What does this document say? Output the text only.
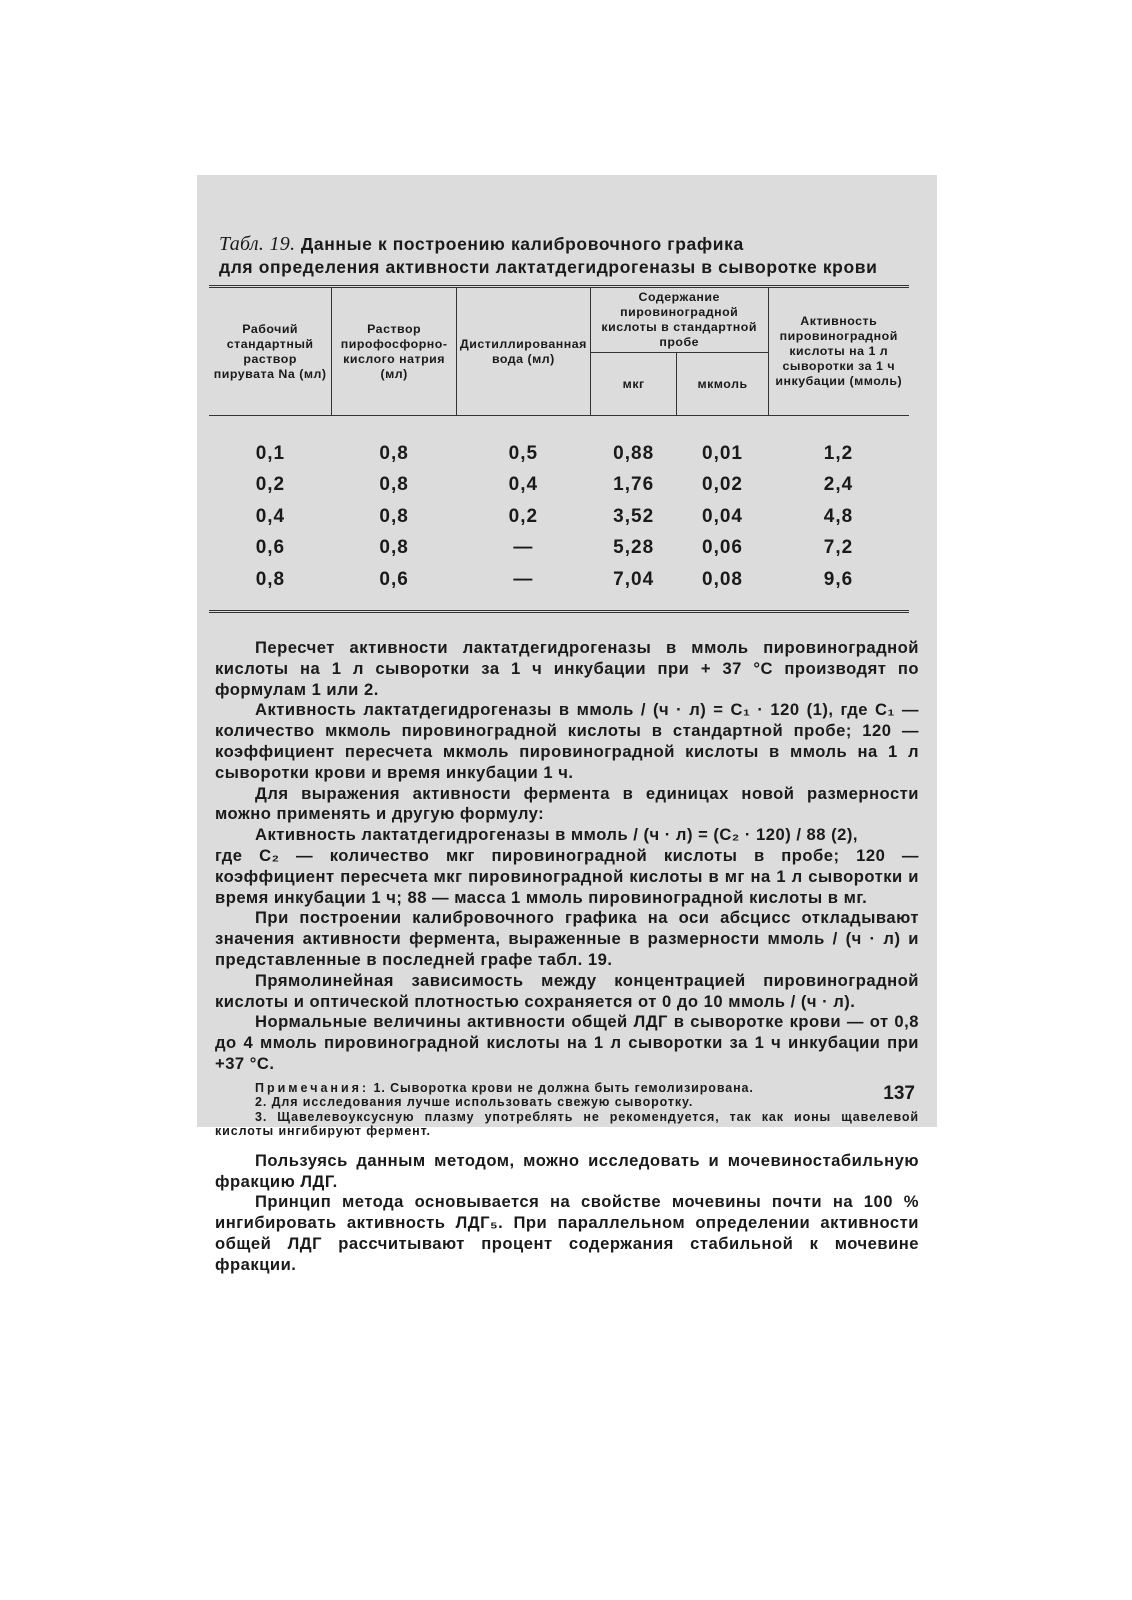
Табл. 19. Данные к построению калибровочного графика
для определения активности лактатдегидрогеназы в сыворотке крови
Рабочий стандартный раствор пирувата Na (мл)	Раствор пирофосфорно-кислого натрия (мл)	Дистиллированная вода (мл)	Содержание пировиноградной кислоты в стандартной пробе		Активность пировиноградной кислоты на 1 л сыворотки за 1 ч инкубации (ммоль)
			мкг	мкмоль	
0,1	0,8	0,5	0,88	0,01	1,2
0,2	0,8	0,4	1,76	0,02	2,4
0,4	0,8	0,2	3,52	0,04	4,8
0,6	0,8	—	5,28	0,06	7,2
0,8	0,6	—	7,04	0,08	9,6

Пересчет активности лактатдегидрогеназы в ммоль пировиноградной кислоты на 1 л сыворотки за 1 ч инкубации при + 37 °С производят по формулам 1 или 2.

Активность лактатдегидрогеназы в ммоль / (ч · л) = C₁ · 120 (1), где C₁ — количество мкмоль пировиноградной кислоты в стандартной пробе; 120 — коэффициент пересчета мкмоль пировиноградной кислоты в ммоль на 1 л сыворотки крови и время инкубации 1 ч.

Для выражения активности фермента в единицах новой размерности можно применять и другую формулу:

Активность лактатдегидрогеназы в ммоль / (ч · л) = (C₂ · 120) / 88 (2),

где C₂ — количество мкг пировиноградной кислоты в пробе; 120 — коэффициент пересчета мкг пировиноградной кислоты в мг на 1 л сыворотки и время инкубации 1 ч; 88 — масса 1 ммоль пировиноградной кислоты в мг.

При построении калибровочного графика на оси абсцисс откладывают значения активности фермента, выраженные в размерности ммоль / (ч · л) и представленные в последней графе табл. 19.

Прямолинейная зависимость между концентрацией пировиноградной кислоты и оптической плотностью сохраняется от 0 до 10 ммоль / (ч · л).

Нормальные величины активности общей ЛДГ в сыворотке крови — от 0,8 до 4 ммоль пировиноградной кислоты на 1 л сыворотки за 1 ч инкубации при +37 °С.

Примечания: 1. Сыворотка крови не должна быть гемолизирована.

2. Для исследования лучше использовать свежую сыворотку.

3. Щавелевоуксусную плазму употреблять не рекомендуется, так как ионы щавелевой кислоты ингибируют фермент.

Пользуясь данным методом, можно исследовать и мочевиностабильную фракцию ЛДГ.

Принцип метода основывается на свойстве мочевины почти на 100 % ингибировать активность ЛДГ₅. При параллельном определении активности общей ЛДГ рассчитывают процент содержания стабильной к мочевине фракции.

137
